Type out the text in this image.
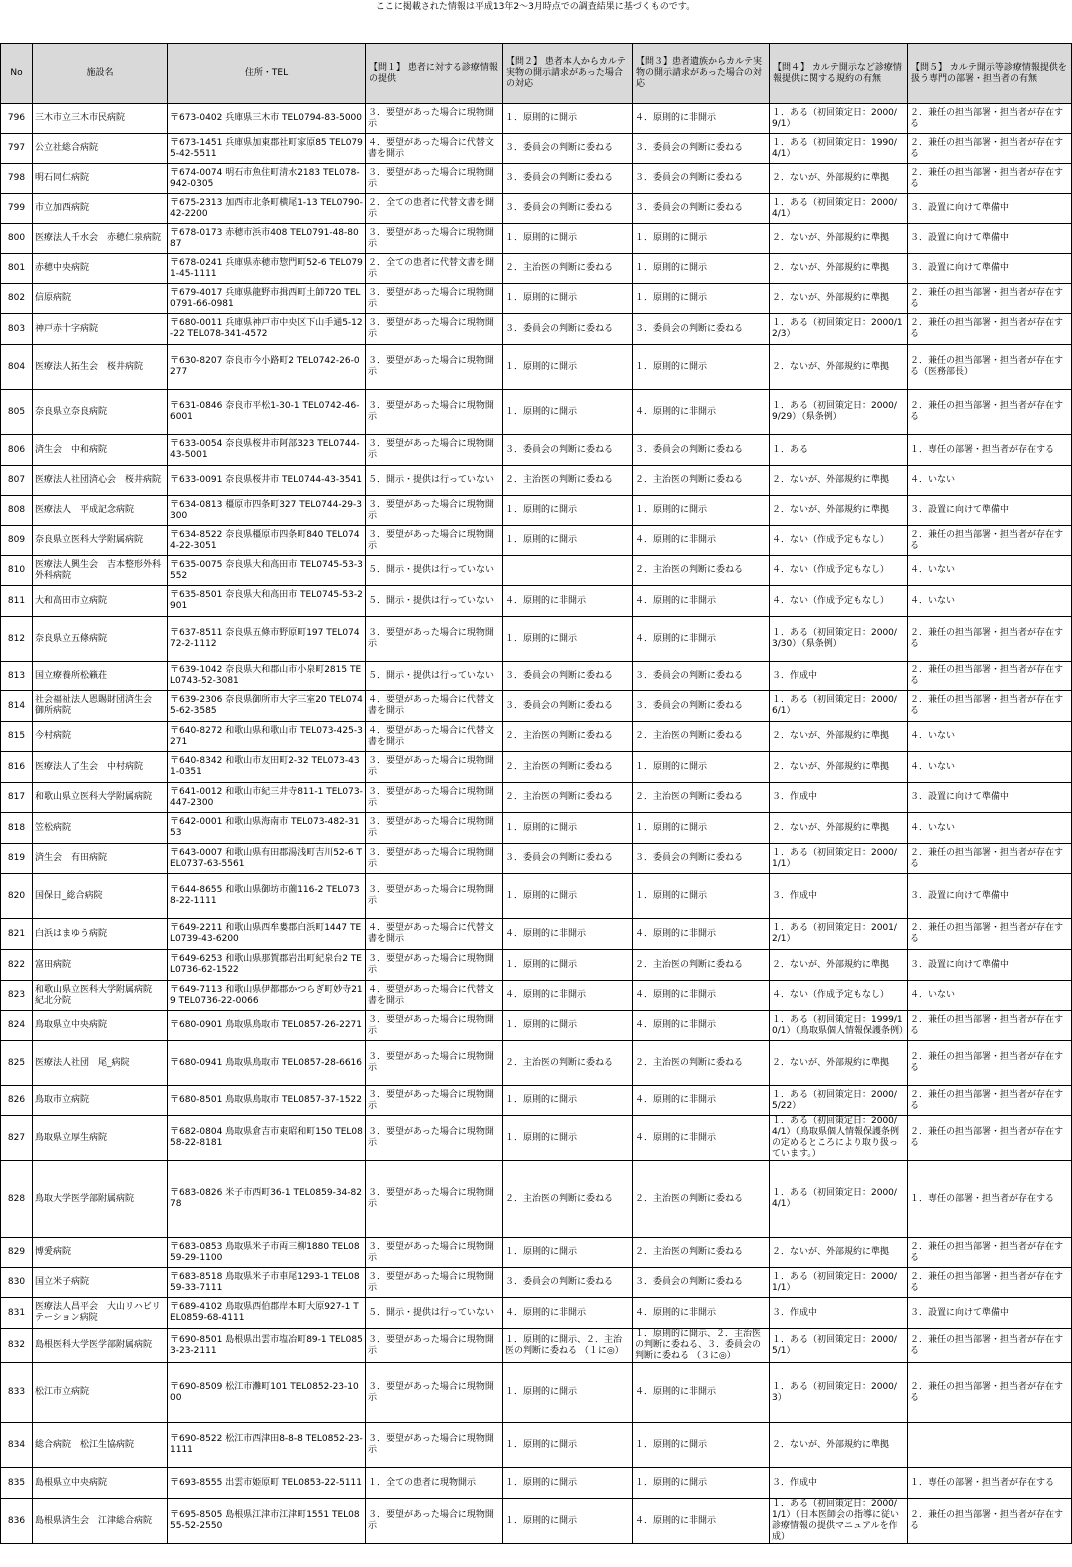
ここに掲載された情報は平成13年2〜3月時点での調査結果に基づくものです。
No	施設名	住所・TEL	【問１】 患者に対する診療情報の提供	【問２】 患者本人からカルテ実物の開示請求があった場合の対応	【問３】患者遺族からカルテ実物の開示請求があった場合の対応	【問４】 カルテ開示など診療情報提供に関する規約の有無	【問５】 カルテ開示等診療情報提供を扱う専門の部署・担当者の有無

796	三木市立三木市民病院	〒673-0402 兵庫県三木市 TEL0794-83-5000	３．要望があった場合に現物開示	１．原則的に開示	４．原則的に非開示	１．ある（初回策定日：2000/9/1）	２．兼任の担当部署・担当者が存在する

797	公立社総合病院	〒673-1451 兵庫県加東郡社町家原85 TEL0795-42-5511	４．要望があった場合に代替文書を開示	３．委員会の判断に委ねる	３．委員会の判断に委ねる	１．ある（初回策定日：1990/4/1）	２．兼任の担当部署・担当者が存在する

798	明石同仁病院	〒674-0074 明石市魚住町清水2183 TEL078-942-0305	３．要望があった場合に現物開示	３．委員会の判断に委ねる	３．委員会の判断に委ねる	２．ないが、外部規約に準拠	２．兼任の担当部署・担当者が存在する

799	市立加西病院	〒675-2313 加西市北条町横尾1-13 TEL0790-42-2200	２．全ての患者に代替文書を開示	３．委員会の判断に委ねる	３．委員会の判断に委ねる	１．ある（初回策定日：2000/4/1）	３．設置に向けて準備中

800	医療法人千水会　赤穂仁泉病院	〒678-0173 赤穂市浜市408 TEL0791-48-8087	３．要望があった場合に現物開示	１．原則的に開示	１．原則的に開示	２．ないが、外部規約に準拠	３．設置に向けて準備中

801	赤穂中央病院	〒678-0241 兵庫県赤穂市惣門町52-6 TEL0791-45-1111	２．全ての患者に代替文書を開示	２．主治医の判断に委ねる	１．原則的に開示	２．ないが、外部規約に準拠	３．設置に向けて準備中

802	信原病院	〒679-4017 兵庫県龍野市揖西町土師720 TEL0791-66-0981	３．要望があった場合に現物開示	１．原則的に開示	１．原則的に開示	２．ないが、外部規約に準拠	２．兼任の担当部署・担当者が存在する

803	神戸赤十字病院	〒680-0011 兵庫県神戸市中央区下山手通5-12-22 TEL078-341-4572	３．要望があった場合に現物開示	３．委員会の判断に委ねる	３．委員会の判断に委ねる	１．ある（初回策定日：2000/12/3）	２．兼任の担当部署・担当者が存在する

804	医療法人拓生会　桜井病院	〒630-8207 奈良市今小路町2 TEL0742-26-0277	３．要望があった場合に現物開示	１．原則的に開示	１．原則的に開示	２．ないが、外部規約に準拠	２．兼任の担当部署・担当者が存在する（医務部長）

805	奈良県立奈良病院	〒631-0846 奈良市平松1-30-1 TEL0742-46-6001	３．要望があった場合に現物開示	１．原則的に開示	４．原則的に非開示	１．ある（初回策定日：2000/9/29）（県条例）	２．兼任の担当部署・担当者が存在する

806	済生会　中和病院	〒633-0054 奈良県桜井市阿部323 TEL0744-43-5001	３．要望があった場合に現物開示	３．委員会の判断に委ねる	３．委員会の判断に委ねる	１．ある	１．専任の部署・担当者が存在する

807	医療法人社団済心会　桜井病院	〒633-0091 奈良県桜井市 TEL0744-43-3541	５．開示・提供は行っていない	２．主治医の判断に委ねる	２．主治医の判断に委ねる	２．ないが、外部規約に準拠	４．いない

808	医療法人　平成記念病院	〒634-0813 橿原市四条町327 TEL0744-29-3300	３．要望があった場合に現物開示	１．原則的に開示	１．原則的に開示	２．ないが、外部規約に準拠	３．設置に向けて準備中

809	奈良県立医科大学附属病院	〒634-8522 奈良県橿原市四条町840 TEL0744-22-3051	３．要望があった場合に現物開示	１．原則的に開示	４．原則的に非開示	４．ない（作成予定もなし）	２．兼任の担当部署・担当者が存在する

810	医療法人興生会　吉本整形外科　外科病院	〒635-0075 奈良県大和高田市 TEL0745-53-3552	５．開示・提供は行っていない		２．主治医の判断に委ねる	４．ない（作成予定もなし）	４．いない

811	大和高田市立病院	〒635-8501 奈良県大和高田市 TEL0745-53-2901	５．開示・提供は行っていない	４．原則的に非開示	４．原則的に非開示	４．ない（作成予定もなし）	４．いない

812	奈良県立五條病院	〒637-8511 奈良県五條市野原町197 TEL07472-2-1112	３．要望があった場合に現物開示	１．原則的に開示	４．原則的に非開示	１．ある（初回策定日：2000/3/30）（県条例）	２．兼任の担当部署・担当者が存在する

813	国立療養所松籟荘	〒639-1042 奈良県大和郡山市小泉町2815 TEL0743-52-3081	５．開示・提供は行っていない	３．委員会の判断に委ねる	３．委員会の判断に委ねる	３．作成中	２．兼任の担当部署・担当者が存在する

814	社会福祉法人恩賜財団済生会　御所病院	〒639-2306 奈良県御所市大字三室20 TEL0745-62-3585	４．要望があった場合に代替文書を開示	３．委員会の判断に委ねる	３．委員会の判断に委ねる	１．ある（初回策定日：2000/6/1）	２．兼任の担当部署・担当者が存在する

815	今村病院	〒640-8272 和歌山県和歌山市 TEL073-425-3271	４．要望があった場合に代替文書を開示	２．主治医の判断に委ねる	２．主治医の判断に委ねる	２．ないが、外部規約に準拠	４．いない

816	医療法人了生会　中村病院	〒640-8342 和歌山市友田町2-32 TEL073-431-0351	３．要望があった場合に現物開示	２．主治医の判断に委ねる	１．原則的に開示	２．ないが、外部規約に準拠	４．いない

817	和歌山県立医科大学附属病院	〒641-0012 和歌山市紀三井寺811-1 TEL073-447-2300	３．要望があった場合に現物開示	２．主治医の判断に委ねる	２．主治医の判断に委ねる	３．作成中	３．設置に向けて準備中

818	笠松病院	〒642-0001 和歌山県海南市 TEL073-482-3153	３．要望があった場合に現物開示	１．原則的に開示	１．原則的に開示	２．ないが、外部規約に準拠	４．いない

819	済生会　有田病院	〒643-0007 和歌山県有田郡湯浅町吉川52-6 TEL0737-63-5561	３．要望があった場合に現物開示	３．委員会の判断に委ねる	３．委員会の判断に委ねる	１．ある（初回策定日：2000/1/1）	２．兼任の担当部署・担当者が存在する

820	国保日_総合病院	〒644-8655 和歌山県御坊市薗116-2 TEL0738-22-1111	３．要望があった場合に現物開示	１．原則的に開示	１．原則的に開示	３．作成中	３．設置に向けて準備中

821	白浜はまゆう病院	〒649-2211 和歌山県西牟婁郡白浜町1447 TEL0739-43-6200	４．要望があった場合に代替文書を開示	４．原則的に非開示	４．原則的に非開示	１．ある（初回策定日：2001/2/1）	２．兼任の担当部署・担当者が存在する

822	富田病院	〒649-6253 和歌山県那賀郡岩出町紀泉台2 TEL0736-62-1522	３．要望があった場合に現物開示	１．原則的に開示	２．主治医の判断に委ねる	２．ないが、外部規約に準拠	３．設置に向けて準備中

823	和歌山県立医科大学附属病院　紀北分院	〒649-7113 和歌山県伊都郡かつらぎ町妙寺219 TEL0736-22-0066	４．要望があった場合に代替文書を開示	４．原則的に非開示	４．原則的に非開示	４．ない（作成予定もなし）	４．いない

824	鳥取県立中央病院	〒680-0901 鳥取県鳥取市 TEL0857-26-2271	３．要望があった場合に現物開示	１．原則的に開示	４．原則的に非開示	１．ある（初回策定日：1999/10/1）（鳥取県個人情報保護条例）	２．兼任の担当部署・担当者が存在する

825	医療法人社団　尾_病院	〒680-0941 鳥取県鳥取市 TEL0857-28-6616	３．要望があった場合に現物開示	２．主治医の判断に委ねる	２．主治医の判断に委ねる	２．ないが、外部規約に準拠	２．兼任の担当部署・担当者が存在する

826	鳥取市立病院	〒680-8501 鳥取県鳥取市 TEL0857-37-1522	３．要望があった場合に現物開示	１．原則的に開示	４．原則的に非開示	１．ある（初回策定日：2000/5/22）	２．兼任の担当部署・担当者が存在する

827	鳥取県立厚生病院	〒682-0804 鳥取県倉吉市東昭和町150 TEL0858-22-8181	３．要望があった場合に現物開示	１．原則的に開示	４．原則的に非開示	１．ある（初回策定日：2000/4/1）（鳥取県個人情報保護条例の定めるところにより取り扱っています。）	２．兼任の担当部署・担当者が存在する

828	鳥取大学医学部附属病院	〒683-0826 米子市西町36-1 TEL0859-34-8278	３．要望があった場合に現物開示	２．主治医の判断に委ねる	２．主治医の判断に委ねる	１．ある（初回策定日：2000/4/1）	１．専任の部署・担当者が存在する

829	博愛病院	〒683-0853 鳥取県米子市両三柳1880 TEL0859-29-1100	３．要望があった場合に現物開示	１．原則的に開示	２．主治医の判断に委ねる	２．ないが、外部規約に準拠	２．兼任の担当部署・担当者が存在する

830	国立米子病院	〒683-8518 鳥取県米子市車尾1293-1 TEL0859-33-7111	３．要望があった場合に現物開示	３．委員会の判断に委ねる	３．委員会の判断に委ねる	１．ある（初回策定日：2000/1/1）	２．兼任の担当部署・担当者が存在する

831	医療法人昌平会　大山リハビリテーション病院	〒689-4102 鳥取県西伯郡岸本町大原927-1 TEL0859-68-4111	５．開示・提供は行っていない	４．原則的に非開示	４．原則的に非開示	３．作成中	３．設置に向けて準備中

832	島根医科大学医学部附属病院	〒690-8501 島根県出雲市塩冶町89-1 TEL0853-23-2111	３．要望があった場合に現物開示	１．原則的に開示、２．主治医の判断に委ねる （１に◎）	１．原則的に開示、２．主治医の判断に委ねる、３．委員会の判断に委ねる （３に◎）	１．ある（初回策定日：2000/5/1）	２．兼任の担当部署・担当者が存在する

833	松江市立病院	〒690-8509 松江市灘町101 TEL0852-23-1000	３．要望があった場合に現物開示	１．原則的に開示	４．原則的に非開示	１．ある（初回策定日：2000/3）	２．兼任の担当部署・担当者が存在する

834	総合病院　松江生協病院	〒690-8522 松江市西津田8-8-8 TEL0852-23-1111	３．要望があった場合に現物開示	１．原則的に開示	１．原則的に開示	２．ないが、外部規約に準拠	

835	島根県立中央病院	〒693-8555 出雲市姫原町 TEL0853-22-5111	１．全ての患者に現物開示	１．原則的に開示	１．原則的に開示	３．作成中	１．専任の部署・担当者が存在する

836	島根県済生会　江津総合病院	〒695-8505 島根県江津市江津町1551 TEL0855-52-2550	３．要望があった場合に現物開示	１．原則的に開示	４．原則的に非開示	１．ある（初回策定日：2000/1/1）（日本医師会の指導に従い診療情報の提供マニュアルを作成）	２．兼任の担当部署・担当者が存在する
